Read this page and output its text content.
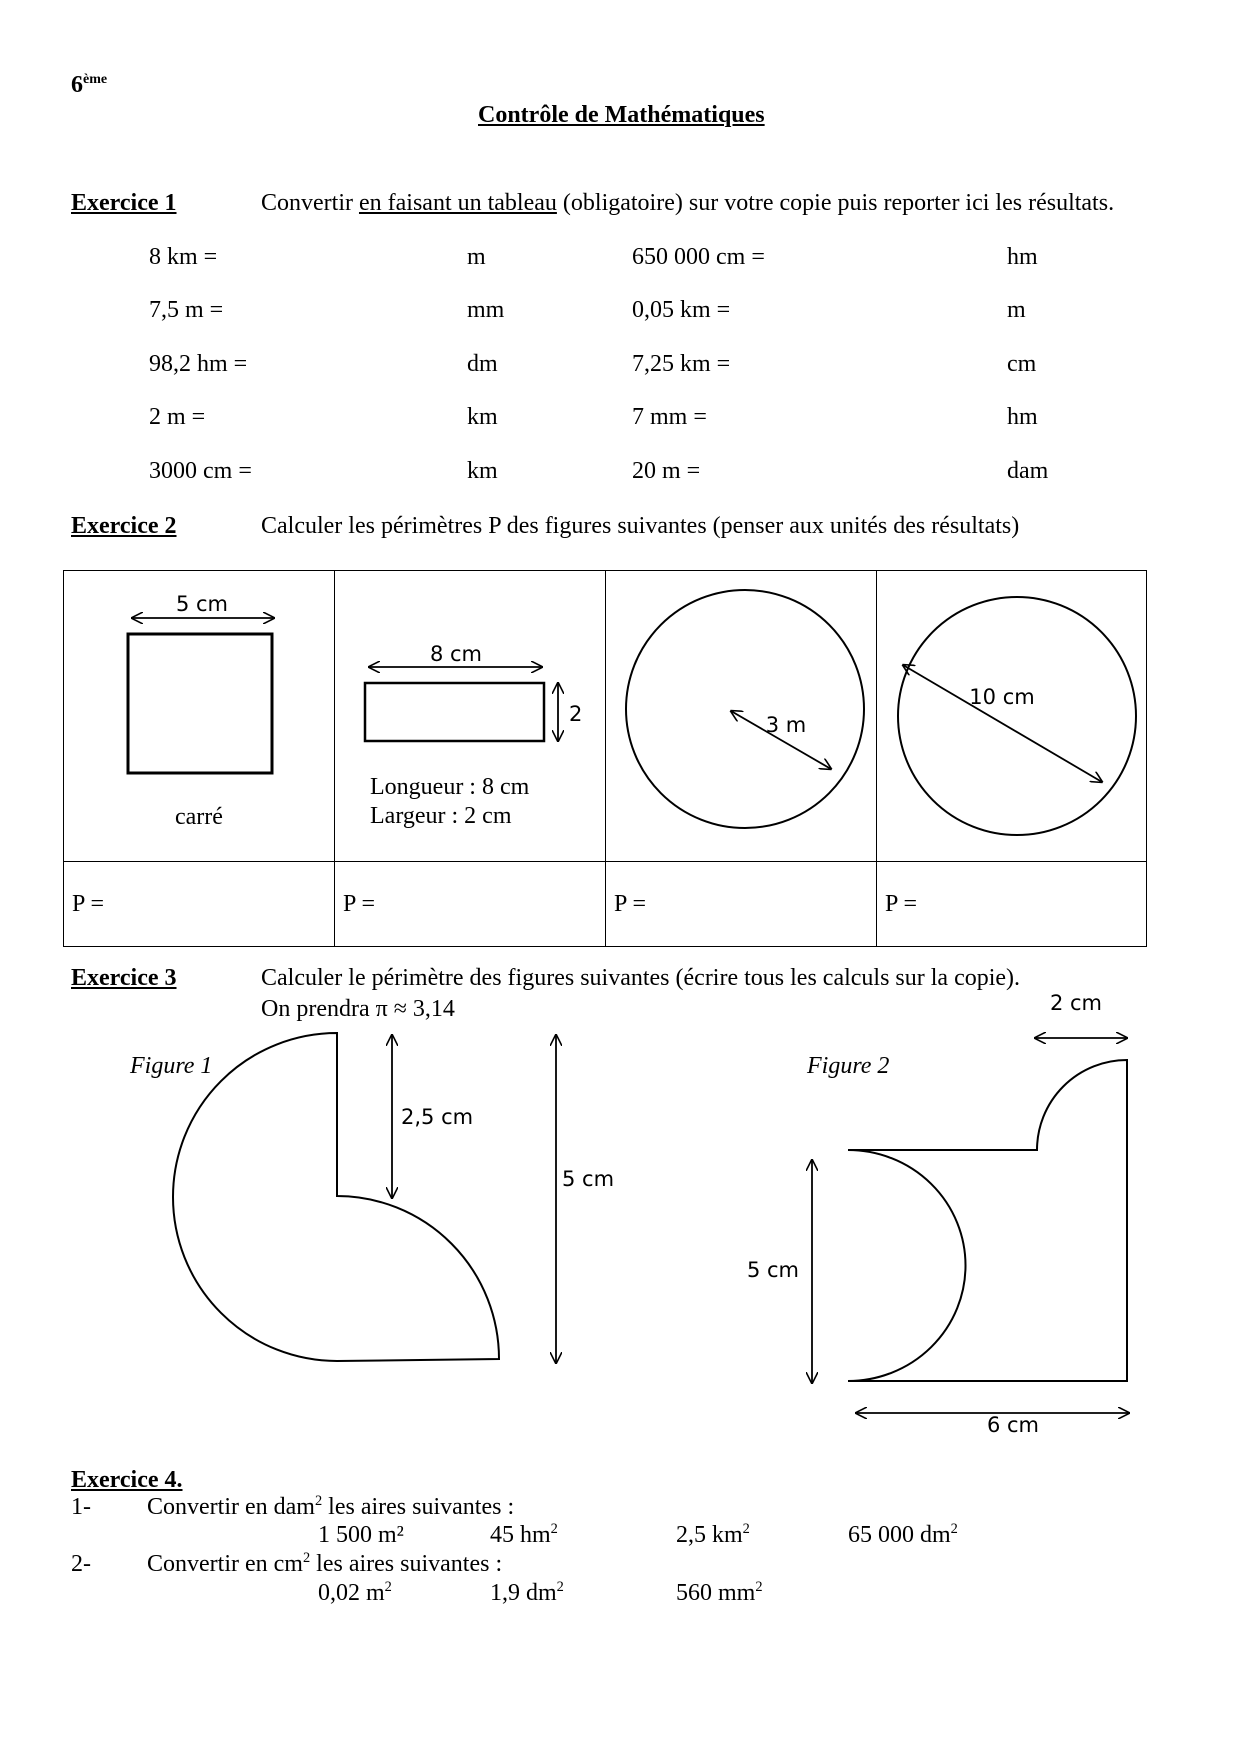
6ème
Contrôle de Mathématiques
Exercice 1	Convertir en faisant un tableau (obligatoire) sur votre copie puis reporter ici les résultats.
8 km =	m	650 000 cm =	hm
7,5 m =	mm	0,05 km =	m
98,2 hm =	dm	7,25 km =	cm
2 m =	km	7 mm =	hm
3000 cm =	km	20 m =	dam
Exercice 2	Calculer les périmètres P des figures suivantes (penser aux unités des résultats)
5 cm
8 cm
2	3 m
10 cm
carré
Longueur : 8 cm
Largeur : 2 cm
P =	P =	P =	P =
Exercice 3	Calculer le périmètre des figures suivantes (écrire tous les calculs sur la copie).
On prendra π ≈ 3,14
Figure 1	Figure 2
2,5 cm
5 cm
2 cm
5 cm
6 cm
Exercice 4.
1- Convertir en dam$^2$ les aires suivantes :
1 500 m²	45 $hm^2$	2,5 $km^2$	65 000 $dm^2$
2- Convertir en $cm^2$ les aires suivantes :
0,02 $m^2$	1,9 $dm^2$	560 $mm^2$
